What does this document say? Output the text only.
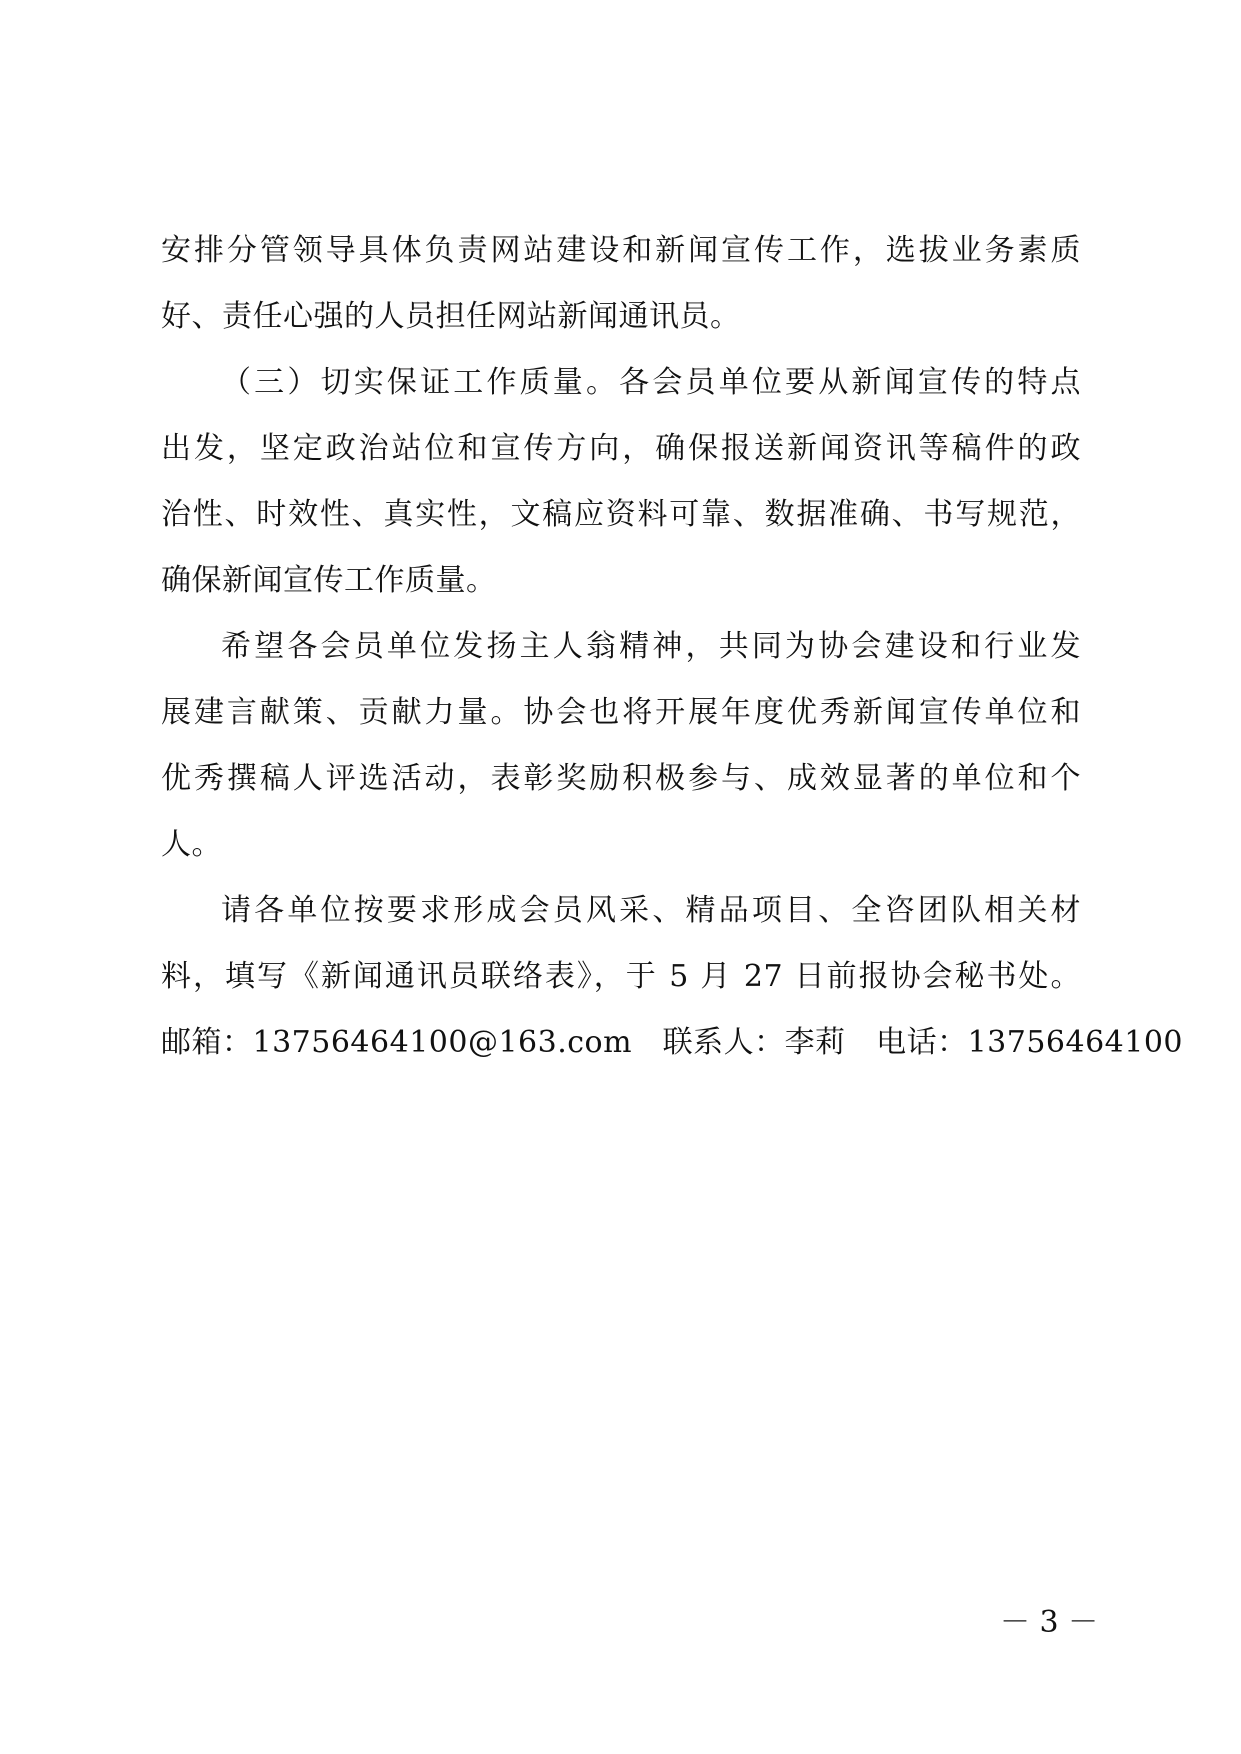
安排分管领导具体负责网站建设和新闻宣传工作，选拔业务素质
好、责任心强的人员担任网站新闻通讯员。
（三）切实保证工作质量。各会员单位要从新闻宣传的特点
出发，坚定政治站位和宣传方向，确保报送新闻资讯等稿件的政
治性、时效性、真实性，文稿应资料可靠、数据准确、书写规范，
确保新闻宣传工作质量。
希望各会员单位发扬主人翁精神，共同为协会建设和行业发
展建言献策、贡献力量。协会也将开展年度优秀新闻宣传单位和
优秀撰稿人评选活动，表彰奖励积极参与、成效显著的单位和个
人。
请各单位按要求形成会员风采、精品项目、全咨团队相关材
料，填写《新闻通讯员联络表》，于 5 月 27 日前报协会秘书处。
邮箱：13756464100@163.com　联系人：李莉　电话：13756464100
－ 3 －
